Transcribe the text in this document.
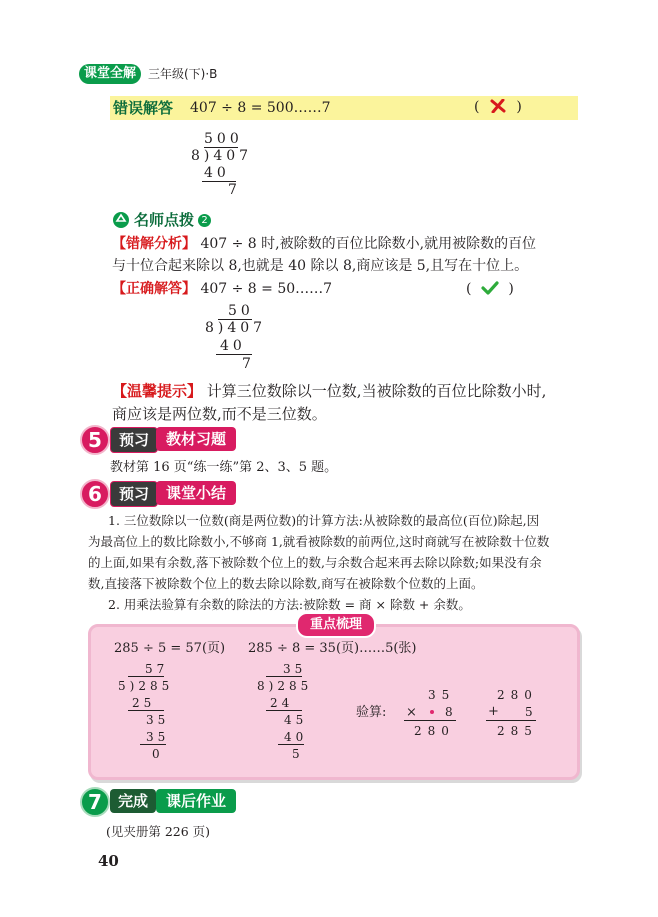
课堂全解 三年级(下)·B
错误解答 407 ÷ 8 = 500……7	(	)
500
8)407
40
7
名师点拨 2
【错解分析】 407 ÷ 8 时,被除数的百位比除数小,就用被除数的百位
与十位合起来除以 8,也就是 40 除以 8,商应该是 5,且写在十位上。
【正确解答】 407 ÷ 8 = 50……7	(	)
50
8)407
40
7
【温馨提示】 计算三位数除以一位数,当被除数的百位比除数小时,
商应该是两位数,而不是三位数。
5	预习	教材习题
教材第 16 页“练一练”第 2、3、5 题。
6	预习	课堂小结
1. 三位数除以一位数(商是两位数)的计算方法:从被除数的最高位(百位)除起,因
为最高位上的数比除数小,不够商 1,就看被除数的前两位,这时商就写在被除数十位数
的上面,如果有余数,落下被除数个位上的数,与余数合起来再去除以除数;如果没有余
数,直接落下被除数个位上的数去除以除数,商写在被除数个位数的上面。
2. 用乘法验算有余数的除法的方法:被除数 = 商 × 除数 + 余数。
重点梳理
285 ÷ 5 = 57(页)
57
5)285
25
35
35
0
285 ÷ 8 = 35(页)……5(张)
35
8)285
24
45
40
5
验算:
35
× 8
280
280
+ 5
285
7	完成	课后作业
(见夹册第 226 页)
40
